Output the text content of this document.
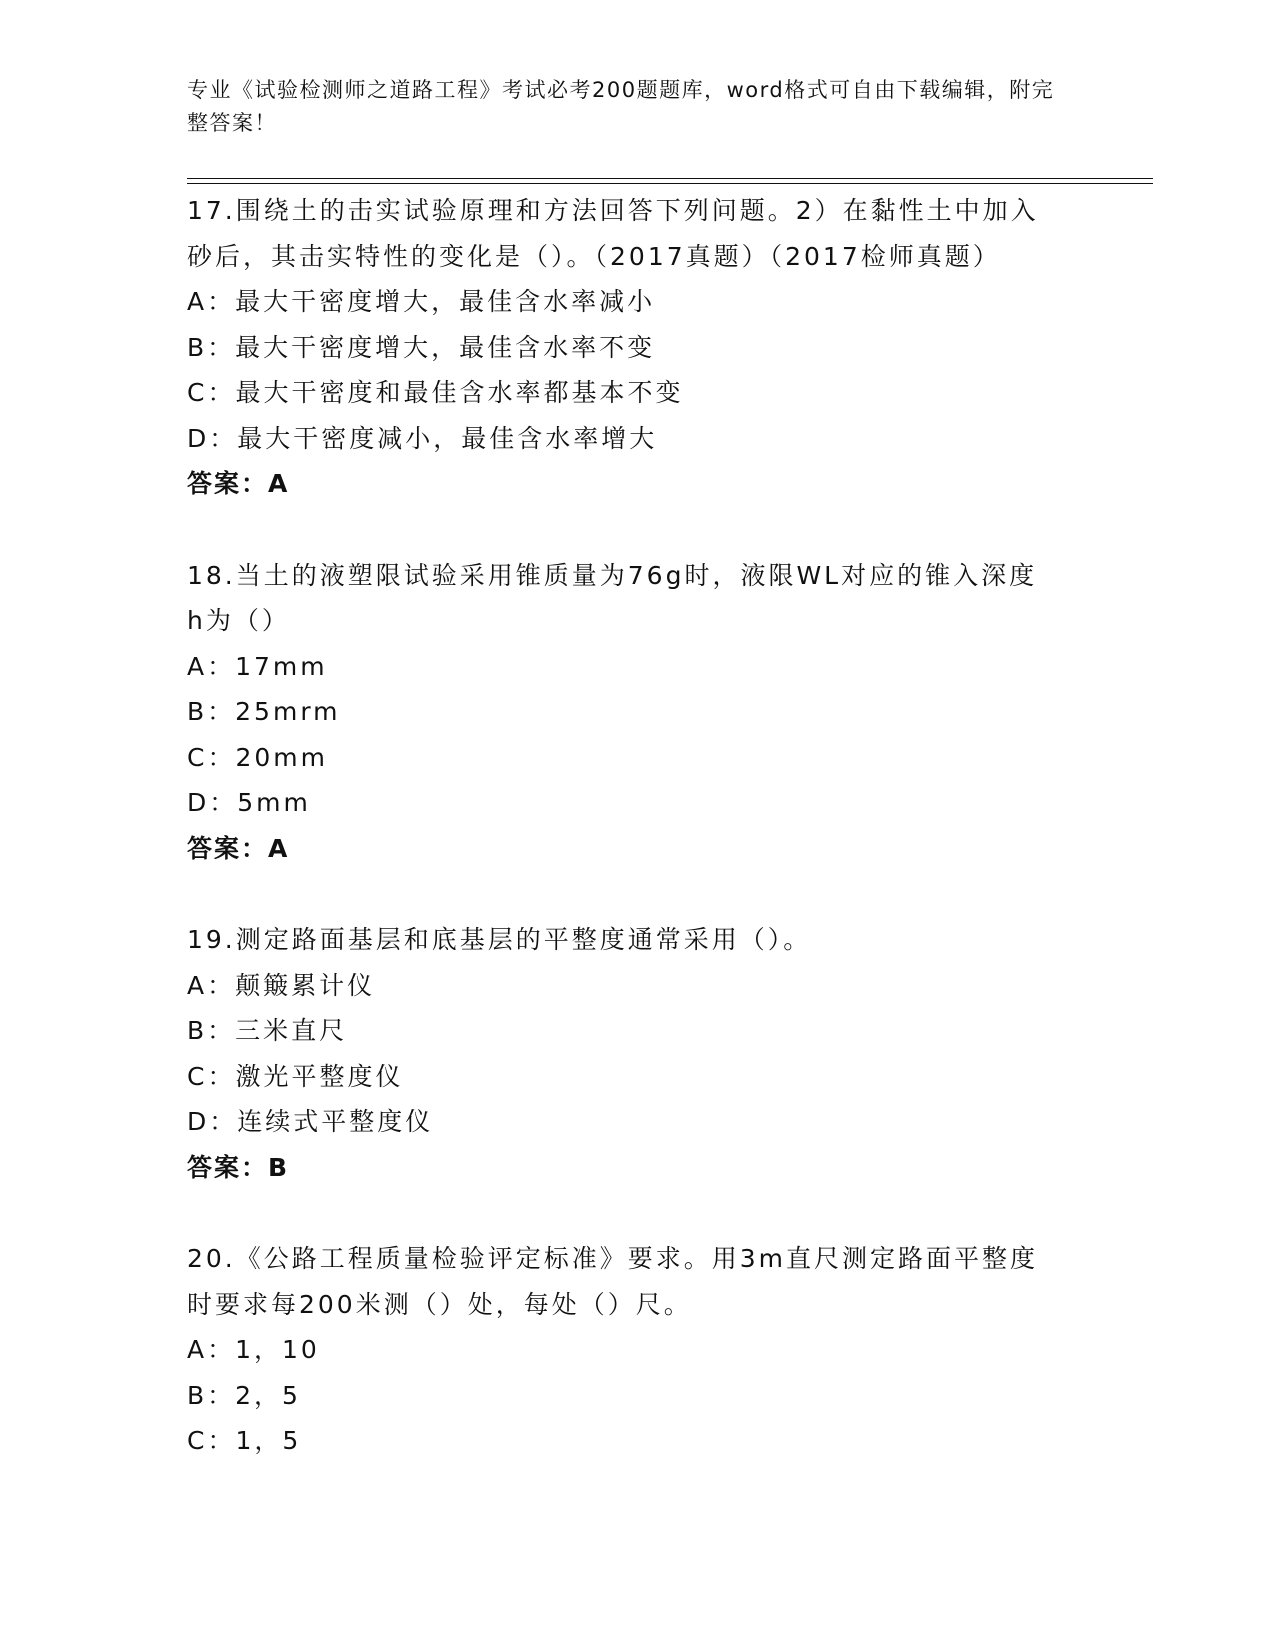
专业《试验检测师之道路工程》考试必考200题题库，word格式可自由下载编辑，附完整答案！
17.围绕土的击实试验原理和方法回答下列问题。2）在黏性土中加入
砂后，其击实特性的变化是（）。（2017真题）（2017检师真题）
A：最大干密度增大，最佳含水率减小
B：最大干密度增大，最佳含水率不变
C：最大干密度和最佳含水率都基本不变
D：最大干密度减小，最佳含水率增大
答案：A
18.当土的液塑限试验采用锥质量为76g时，液限WL对应的锥入深度
h为（）
A：17mm
B：25mrm
C：20mm
D：5mm
答案：A
19.测定路面基层和底基层的平整度通常采用（）。
A：颠簸累计仪
B：三米直尺
C：激光平整度仪
D：连续式平整度仪
答案：B
20.《公路工程质量检验评定标准》要求。用3m直尺测定路面平整度
时要求每200米测（）处，每处（）尺。
A：1，10
B：2，5
C：1，5
